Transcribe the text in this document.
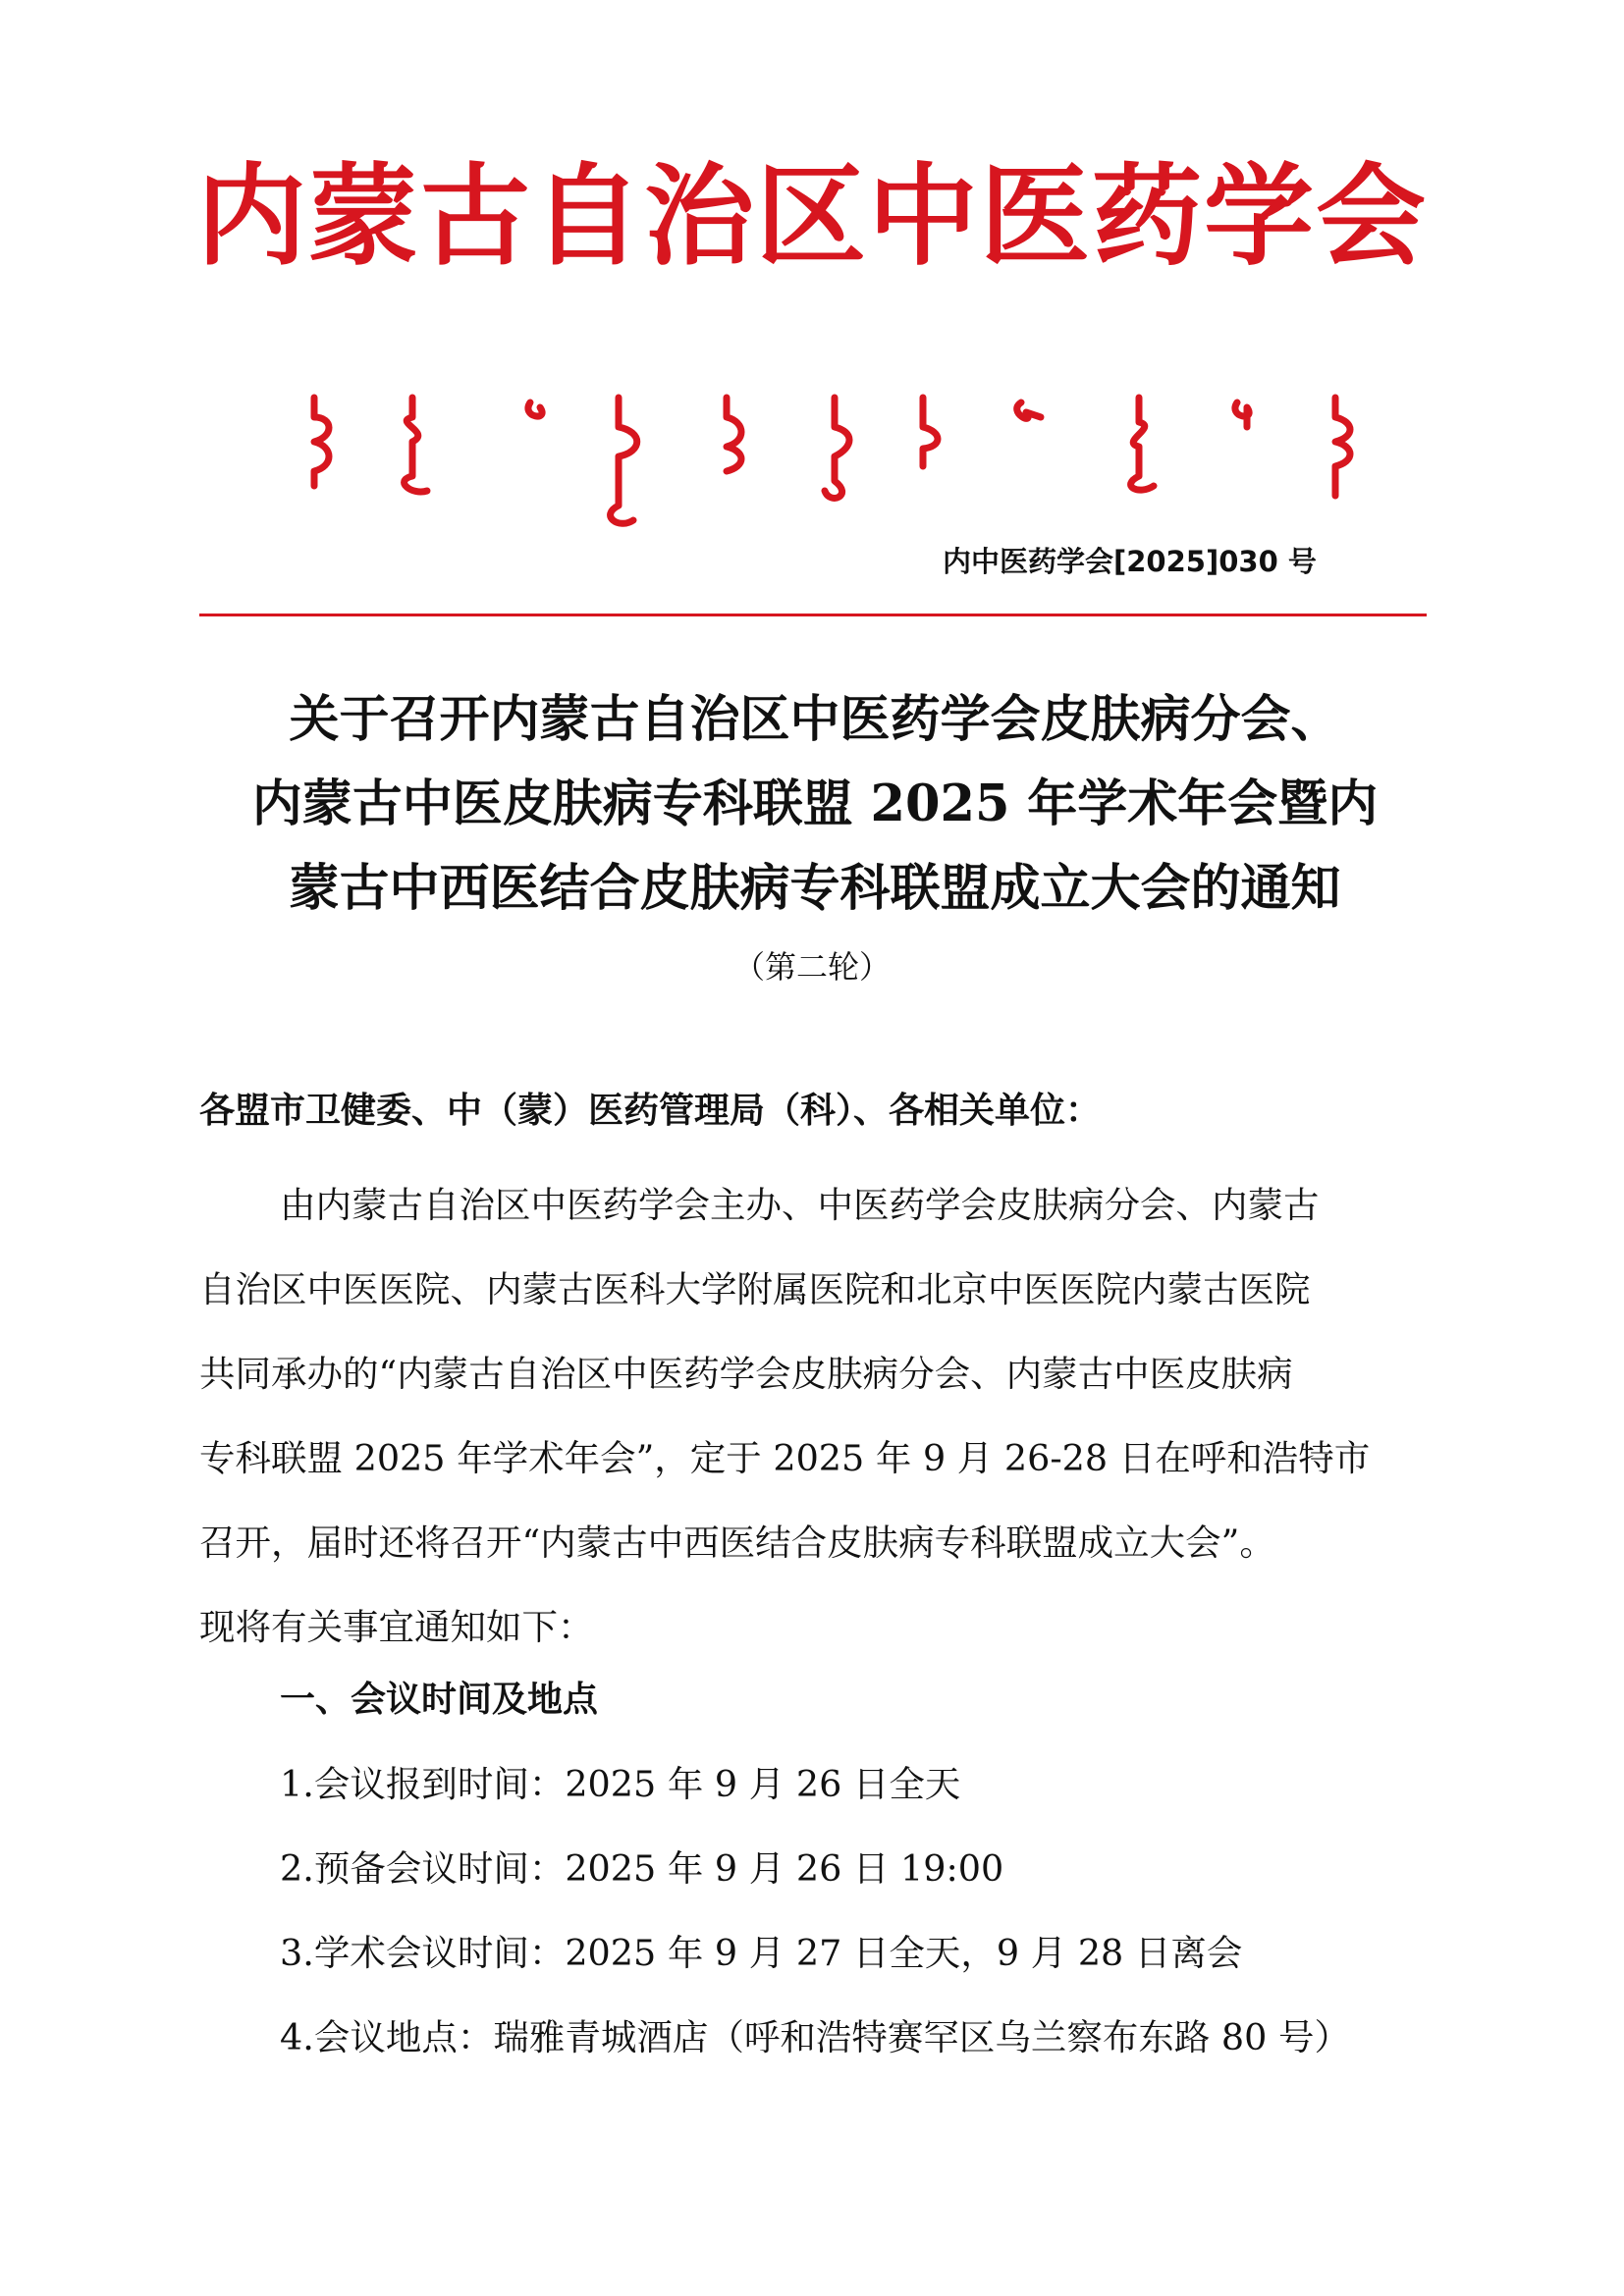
内蒙古自治区中医药学会
内中医药学会[2025]030 号
关于召开内蒙古自治区中医药学会皮肤病分会、
内蒙古中医皮肤病专科联盟 2025 年学术年会暨内
蒙古中西医结合皮肤病专科联盟成立大会的通知
（第二轮）
各盟市卫健委、中（蒙）医药管理局（科）、各相关单位：
由内蒙古自治区中医药学会主办、中医药学会皮肤病分会、内蒙古
自治区中医医院、内蒙古医科大学附属医院和北京中医医院内蒙古医院
共同承办的“内蒙古自治区中医药学会皮肤病分会、内蒙古中医皮肤病
专科联盟 2025 年学术年会”，定于 2025 年 9 月 26-28 日在呼和浩特市
召开，届时还将召开“内蒙古中西医结合皮肤病专科联盟成立大会”。
现将有关事宜通知如下：
一、会议时间及地点
1.会议报到时间：2025 年 9 月 26 日全天
2.预备会议时间：2025 年 9 月 26 日 19:00
3.学术会议时间：2025 年 9 月 27 日全天，9 月 28 日离会
4.会议地点：瑞雅青城酒店（呼和浩特赛罕区乌兰察布东路 80 号）
